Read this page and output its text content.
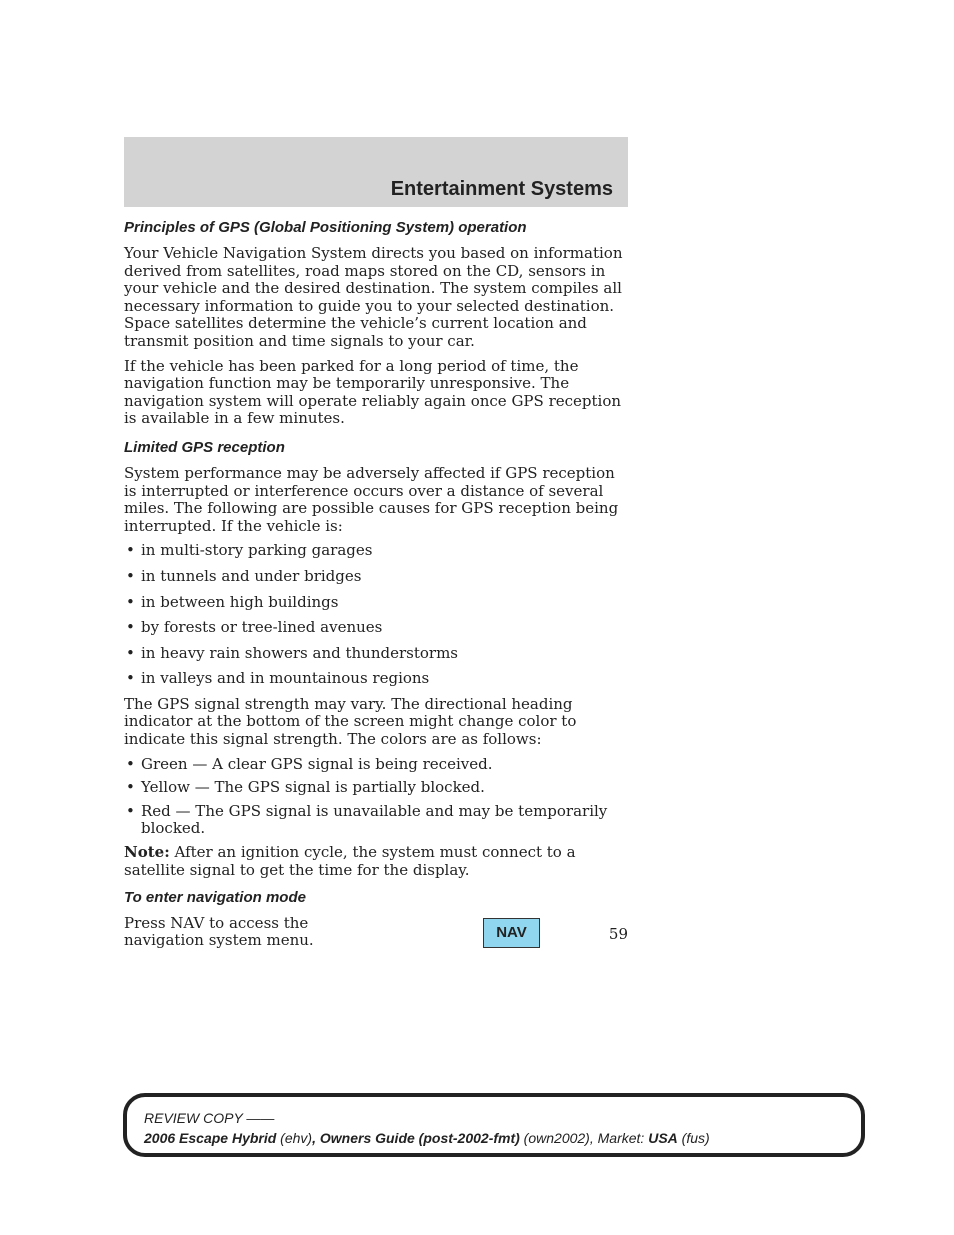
Entertainment Systems
Principles of GPS (Global Positioning System) operation

Your Vehicle Navigation System directs you based on information derived from satellites, road maps stored on the CD, sensors in your vehicle and the desired destination. The system compiles all necessary information to guide you to your selected destination. Space satellites determine the vehicle’s current location and transmit position and time signals to your car.

If the vehicle has been parked for a long period of time, the navigation function may be temporarily unresponsive. The navigation system will operate reliably again once GPS reception is available in a few minutes.

Limited GPS reception

System performance may be adversely affected if GPS reception is interrupted or interference occurs over a distance of several miles. The following are possible causes for GPS reception being interrupted. If the vehicle is:

• in multi-story parking garages
• in tunnels and under bridges
• in between high buildings
• by forests or tree-lined avenues
• in heavy rain showers and thunderstorms
• in valleys and in mountainous regions

The GPS signal strength may vary. The directional heading indicator at the bottom of the screen might change color to indicate this signal strength. The colors are as follows:

• Green — A clear GPS signal is being received.
• Yellow — The GPS signal is partially blocked.
• Red — The GPS signal is unavailable and may be temporarily blocked.

Note: After an ignition cycle, the system must connect to a satellite signal to get the time for the display.

To enter navigation mode

Press NAV to access the navigation system menu.	NAV	59
REVIEW COPY ——
2006 Escape Hybrid (ehv), Owners Guide (post-2002-fmt) (own2002), Market: USA (fus)
